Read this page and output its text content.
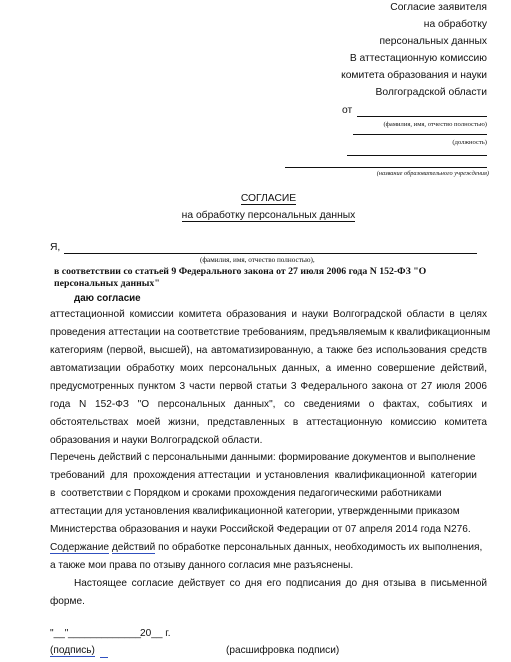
Согласие заявителя
на обработку
персональных данных
В аттестационную комиссию
комитета образования и науки
Волгоградской области
от
(фамилия, имя, отчество полностью)
(должность)
(название образовательного учреждения)
СОГЛАСИЕ
на обработку персональных данных
Я,
(фамилия, имя, отчество полностью),
в соответствии со статьей 9 Федерального закона от 27 июля 2006 года N 152-ФЗ "О
персональных данных"
даю согласие
аттестационной комиссии комитета образования и науки Волгоградской области в целях
проведения аттестации на соответствие требованиям, предъявляемым к квалификационным
категориям (первой, высшей), на автоматизированную, а также без использования средств
автоматизации обработку моих персональных данных, а именно совершение действий,
предусмотренных пунктом 3 части первой статьи 3 Федерального закона от 27 июля 2006
года N 152-ФЗ "О персональных данных", со сведениями о фактах, событиях и
обстоятельствах моей жизни, представленных в аттестационную комиссию комитета
образования и науки Волгоградской области.
Перечень действий с персональными данными: формирование документов и выполнение
требований  для  прохождения аттестации  и установления  квалификационной  категории
в  соответствии с Порядком и сроками прохождения педагогическими работниками
аттестации для установления квалификационной категории, утвержденными приказом
Министерства образования и науки Российской Федерации от 07 апреля 2014 года N276.
Содержание действий по обработке персональных данных, необходимость их выполнения,
а также мои права по отзыву данного согласия мне разъяснены.
Настоящее согласие действует со дня его подписания до дня отзыва в письменной
форме.
"__" _____________ 20__ г.
(подпись)	(расшифровка подписи)
